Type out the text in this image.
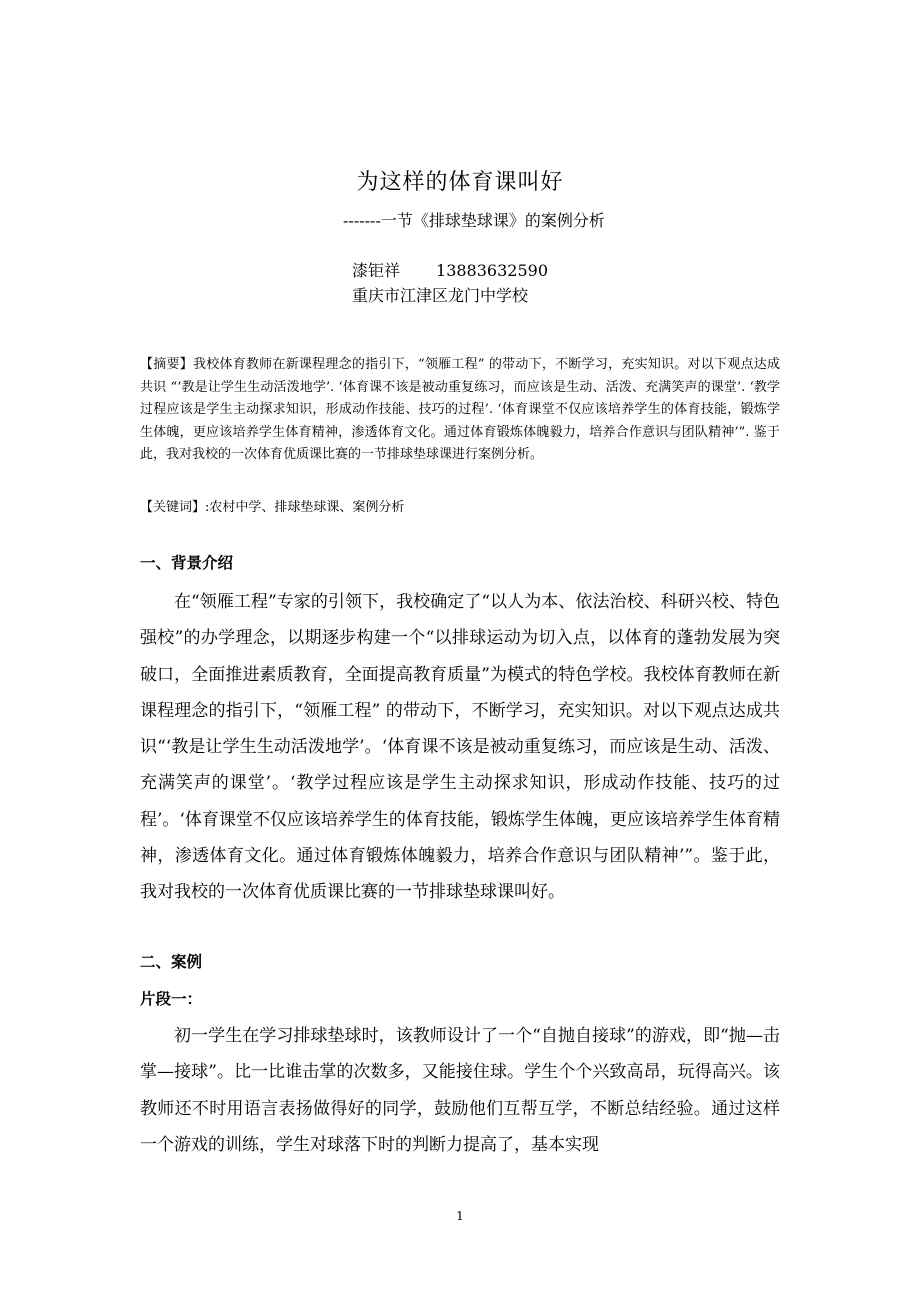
为这样的体育课叫好
-------一节《排球垫球课》的案例分析
漆钜祥 13883632590
重庆市江津区龙门中学校
【摘要】我校体育教师在新课程理念的指引下，“领雁工程” 的带动下，不断学习，充实知识。对以下观点达成共识 “‘教是让学生生动活泼地学’. ‘体育课不该是被动重复练习，而应该是生动、活泼、充满笑声的课堂’. ‘教学过程应该是学生主动探求知识，形成动作技能、技巧的过程’. ‘体育课堂不仅应该培养学生的体育技能，锻炼学生体魄，更应该培养学生体育精神，渗透体育文化。通过体育锻炼体魄毅力，培养合作意识与团队精神’”. 鉴于此，我对我校的一次体育优质课比赛的一节排球垫球课进行案例分析。
【关键词】:农村中学、排球垫球课、案例分析
一、背景介绍
在“领雁工程”专家的引领下，我校确定了“以人为本、依法治校、科研兴校、特色强校”的办学理念，以期逐步构建一个“以排球运动为切入点，以体育的蓬勃发展为突破口，全面推进素质教育，全面提高教育质量”为模式的特色学校。我校体育教师在新课程理念的指引下，“领雁工程” 的带动下，不断学习，充实知识。对以下观点达成共识“‘教是让学生生动活泼地学’。‘体育课不该是被动重复练习，而应该是生动、活泼、充满笑声的课堂’。‘教学过程应该是学生主动探求知识，形成动作技能、技巧的过程’。‘体育课堂不仅应该培养学生的体育技能，锻炼学生体魄，更应该培养学生体育精神，渗透体育文化。通过体育锻炼体魄毅力，培养合作意识与团队精神’”。鉴于此，我对我校的一次体育优质课比赛的一节排球垫球课叫好。
二、案例
片段一：
初一学生在学习排球垫球时，该教师设计了一个“自抛自接球”的游戏，即“抛—击掌—接球”。比一比谁击掌的次数多，又能接住球。学生个个兴致高昂，玩得高兴。该教师还不时用语言表扬做得好的同学，鼓励他们互帮互学，不断总结经验。通过这样一个游戏的训练，学生对球落下时的判断力提高了，基本实现
1
